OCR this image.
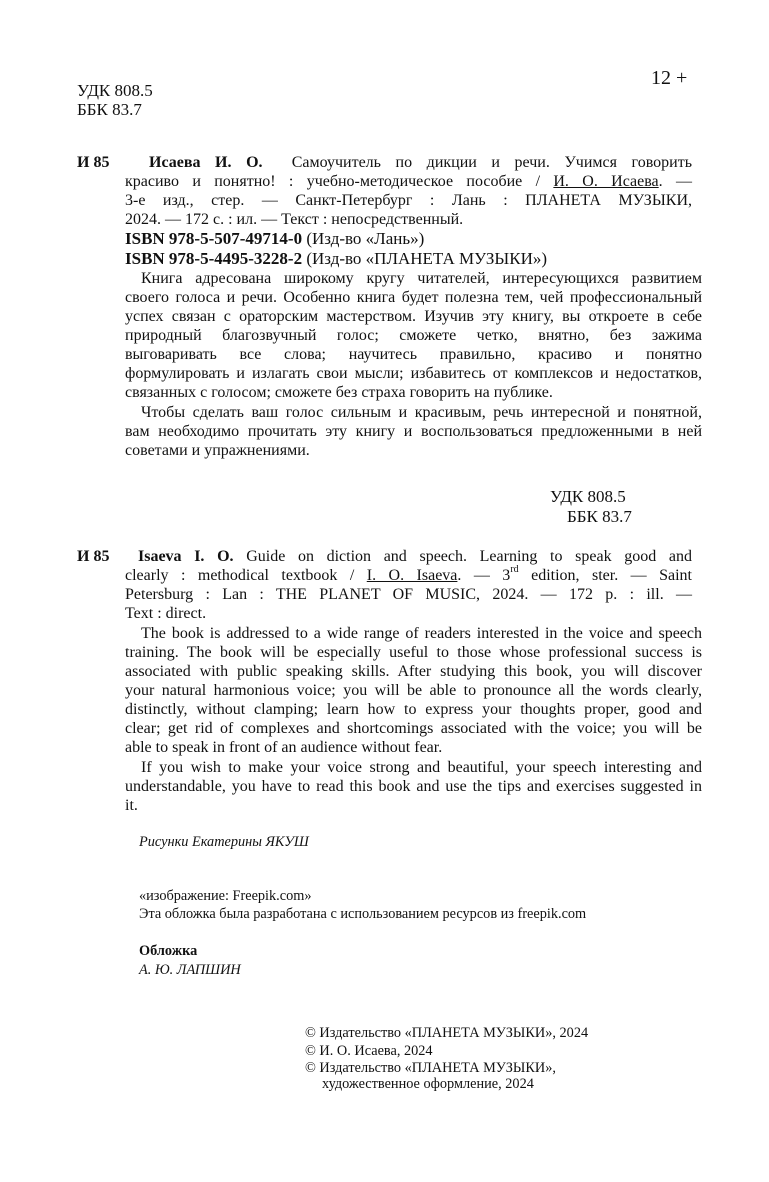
УДК 808.5
ББК 83.7
12 +
И 85 Исаева И. О. Самоучитель по дикции и речи. Учимся говорить
красиво и понятно! : учебно-методическое пособие / И. О. Исаева. —
3-е изд., стер. — Санкт-Петербург : Лань : ПЛАНЕТА МУЗЫКИ,
2024. — 172 с. : ил. — Текст : непосредственный.
ISBN 978-5-507-49714-0 (Изд-во «Лань»)
ISBN 978-5-4495-3228-2 (Изд-во «ПЛАНЕТА МУЗЫКИ»)
Книга адресована широкому кругу читателей, интересующихся развитием
своего голоса и речи. Особенно книга будет полезна тем, чей профессиональный
успех связан с ораторским мастерством. Изучив эту книгу, вы откроете в себе
природный благозвучный голос; сможете четко, внятно, без зажима
выговаривать все слова; научитесь правильно, красиво и понятно
формулировать и излагать свои мысли; избавитесь от комплексов и недостатков,
связанных с голосом; сможете без страха говорить на публике.
Чтобы сделать ваш голос сильным и красивым, речь интересной и понятной,
вам необходимо прочитать эту книгу и воспользоваться предложенными в ней
советами и упражнениями.
УДК 808.5
ББК 83.7
И 85 Isaeva I. O. Guide on diction and speech. Learning to speak good and
clearly : methodical textbook / I. O. Isaeva. — 3rd edition, ster. — Saint
Petersburg : Lan : THE PLANET OF MUSIC, 2024. — 172 p. : ill. —
Text : direct.
The book is addressed to a wide range of readers interested in the voice and speech
training. The book will be especially useful to those whose professional success is
associated with public speaking skills. After studying this book, you will discover
your natural harmonious voice; you will be able to pronounce all the words clearly,
distinctly, without clamping; learn how to express your thoughts proper, good and
clear; get rid of complexes and shortcomings associated with the voice; you will be
able to speak in front of an audience without fear.
If you wish to make your voice strong and beautiful, your speech interesting and
understandable, you have to read this book and use the tips and exercises suggested in
it.
Рисунки Екатерины ЯКУШ
«изображение: Freepik.com»
Эта обложка была разработана с использованием ресурсов из freepik.com
Обложка
А. Ю. ЛАПШИН
© Издательство «ПЛАНЕТА МУЗЫКИ», 2024
© И. О. Исаева, 2024
© Издательство «ПЛАНЕТА МУЗЫКИ»,
художественное оформление, 2024
